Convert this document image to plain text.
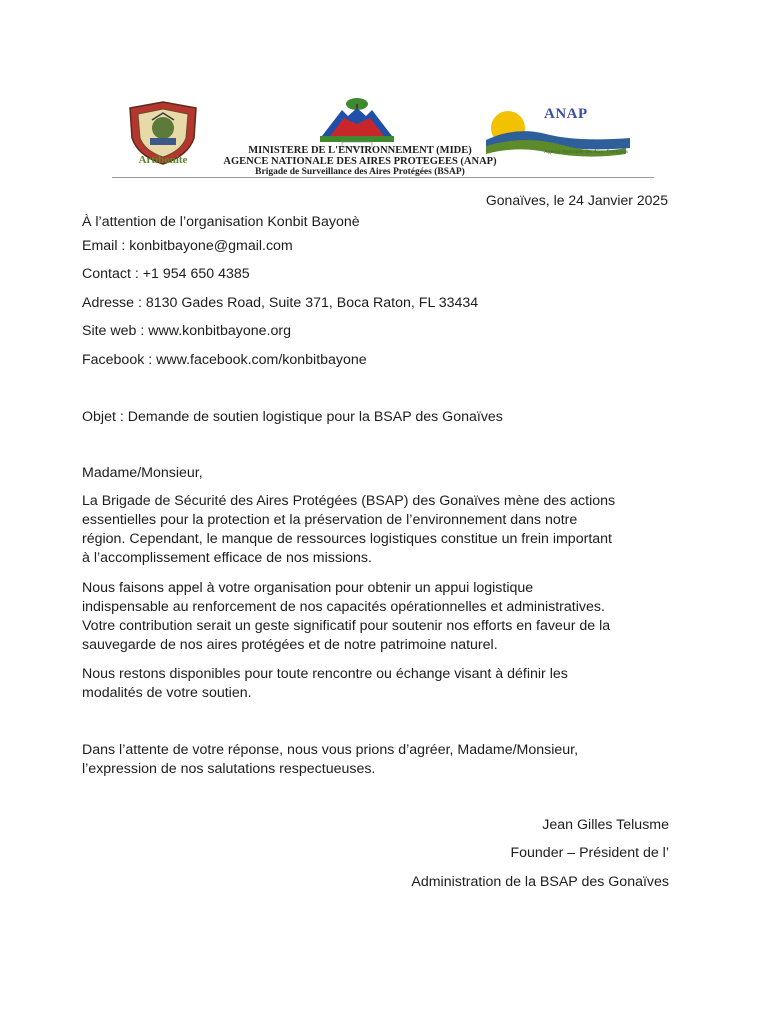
Artibonite
ANAP
Agence Nationale des Aires Protégées
MINISTERE DE L'ENVIRONNEMENT (MIDE)
AGENCE NATIONALE DES AIRES PROTEGEES (ANAP)
Brigade de Surveillance des Aires Protégées (BSAP)
Gonaïves, le 24 Janvier 2025
À l’attention de l’organisation Konbit Bayonè
Email : konbitbayone@gmail.com
Contact : +1 954 650 4385
Adresse : 8130 Gades Road, Suite 371, Boca Raton, FL 33434
Site web : www.konbitbayone.org
Facebook : www.facebook.com/konbitbayone
Objet : Demande de soutien logistique pour la BSAP des Gonaïves
Madame/Monsieur,
La Brigade de Sécurité des Aires Protégées (BSAP) des Gonaïves mène des actions
essentielles pour la protection et la préservation de l’environnement dans notre
région. Cependant, le manque de ressources logistiques constitue un frein important
à l’accomplissement efficace de nos missions.
Nous faisons appel à votre organisation pour obtenir un appui logistique
indispensable au renforcement de nos capacités opérationnelles et administratives.
Votre contribution serait un geste significatif pour soutenir nos efforts en faveur de la
sauvegarde de nos aires protégées et de notre patrimoine naturel.
Nous restons disponibles pour toute rencontre ou échange visant à définir les
modalités de votre soutien.
Dans l’attente de votre réponse, nous vous prions d’agréer, Madame/Monsieur,
l’expression de nos salutations respectueuses.
Jean Gilles Telusme
Founder – Président de l’
Administration de la BSAP des Gonaïves
